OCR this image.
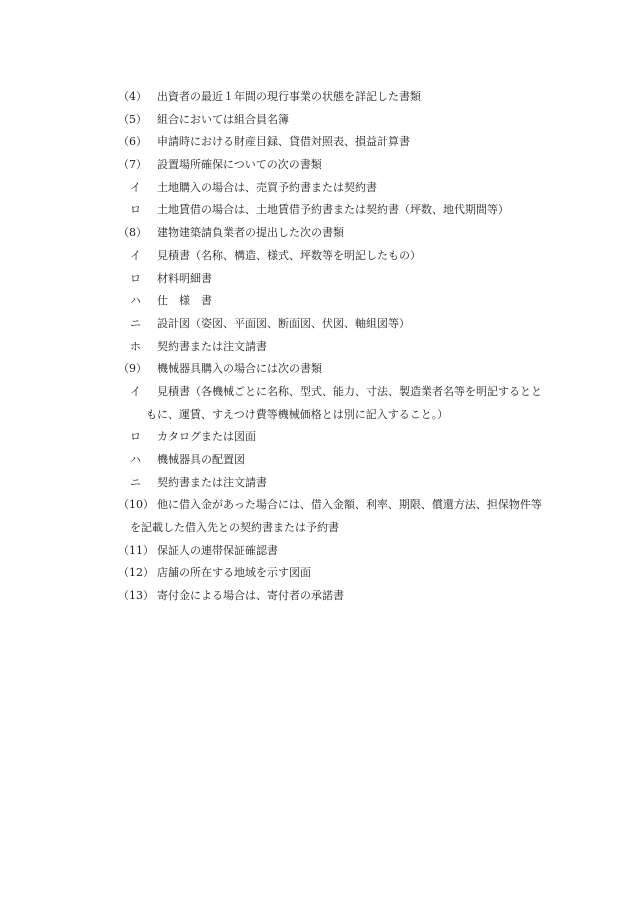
（4） 出資者の最近１年間の現行事業の状態を詳記した書類
（5） 組合においては組合員名簿
（6） 申請時における財産目録、貸借対照表、損益計算書
（7） 設置場所確保についての次の書類
イ 土地購入の場合は、売買予約書または契約書
ロ 土地賃借の場合は、土地賃借予約書または契約書（坪数、地代期間等）
（8） 建物建築請負業者の提出した次の書類
イ 見積書（名称、構造、様式、坪数等を明記したもの）
ロ 材料明細書
ハ 仕　様　書
ニ 設計図（姿図、平面図、断面図、伏図、軸組図等）
ホ 契約書または注文請書
（9） 機械器具購入の場合には次の書類
イ 見積書（各機械ごとに名称、型式、能力、寸法、製造業者名等を明記するとと
もに、運賃、すえつけ費等機械価格とは別に記入すること。）
ロ カタログまたは図面
ハ 機械器具の配置図
ニ 契約書または注文請書
（10） 他に借入金があった場合には、借入金額、利率、期限、償還方法、担保物件等
を記載した借入先との契約書または予約書
（11） 保証人の連帯保証確認書
（12） 店舗の所在する地域を示す図面
（13） 寄付金による場合は、寄付者の承諾書
